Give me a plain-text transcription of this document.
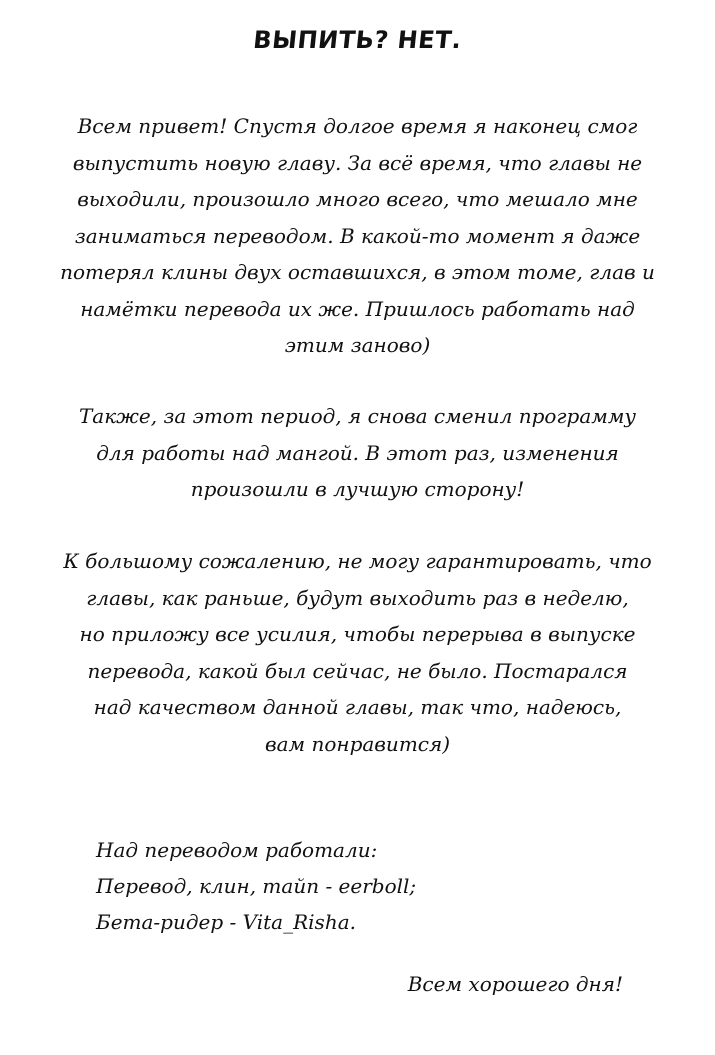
ВЫПИТЬ? НЕТ.

Всем привет! Спустя долгое время я наконец смог
выпустить новую главу. За всё время, что главы не
выходили, произошло много всего, что мешало мне
заниматься переводом. В какой-то момент я даже
потерял клины двух оставшихся, в этом томе, глав и
намётки перевода их же. Пришлось работать над
этим заново)

Также, за этот период, я снова сменил программу
для работы над мангой. В этот раз, изменения
произошли в лучшую сторону!

К большому сожалению, не могу гарантировать, что
главы, как раньше, будут выходить раз в неделю,
но приложу все усилия, чтобы перерыва в выпуске
перевода, какой был сейчас, не было. Постарался
над качеством данной главы, так что, надеюсь,
вам понравится)

Над переводом работали:
Перевод, клин, тайп - eerboll;
Бета-ридер - Vita_Risha.

Всем хорошего дня!
